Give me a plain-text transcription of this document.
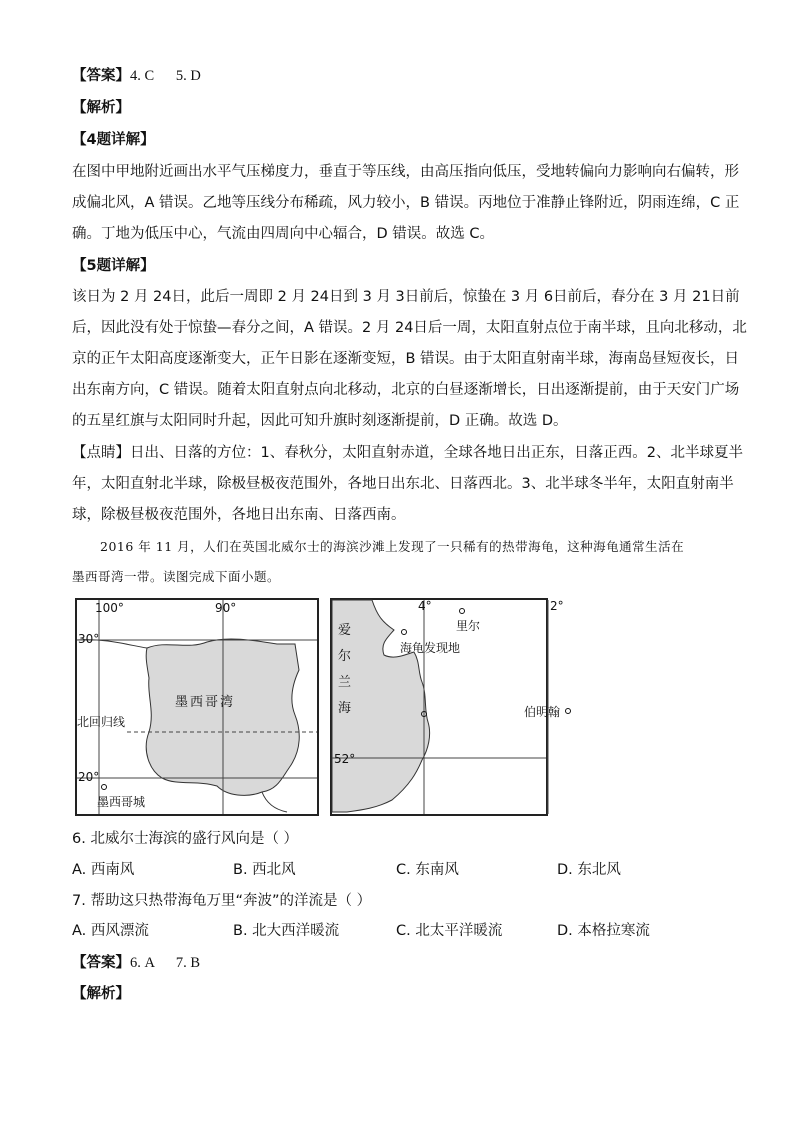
【答案】4. C      5. D
【解析】
【4题详解】
在图中甲地附近画出水平气压梯度力，垂直于等压线，由高压指向低压，受地转偏向力影响向右偏转，形
成偏北风，A 错误。乙地等压线分布稀疏，风力较小，B 错误。丙地位于准静止锋附近，阴雨连绵，C 正
确。丁地为低压中心，气流由四周向中心辐合，D 错误。故选 C。
【5题详解】
该日为 2 月 24日，此后一周即 2 月 24日到 3 月 3日前后，惊蛰在 3 月 6日前后，春分在 3 月 21日前
后，因此没有处于惊蛰—春分之间，A 错误。2 月 24日后一周，太阳直射点位于南半球，且向北移动，北
京的正午太阳高度逐渐变大，正午日影在逐渐变短，B 错误。由于太阳直射南半球，海南岛昼短夜长，日
出东南方向，C 错误。随着太阳直射点向北移动，北京的白昼逐渐增长，日出逐渐提前，由于天安门广场
的五星红旗与太阳同时升起，因此可知升旗时刻逐渐提前，D 正确。故选 D。
【点睛】日出、日落的方位：1、春秋分，太阳直射赤道，全球各地日出正东，日落正西。2、北半球夏半
年，太阳直射北半球，除极昼极夜范围外，各地日出东北、日落西北。3、北半球冬半年，太阳直射南半
球，除极昼极夜范围外，各地日出东南、日落西南。
2016 年 11 月，人们在英国北威尔士的海滨沙滩上发现了一只稀有的热带海龟，这种海龟通常生活在
墨西哥湾一带。读图完成下面小题。
100°	90°
30°
20°
墨西哥湾
北回归线
墨西哥城
4°	2°
52°
爱
尔
兰
海
里尔
海龟发现地
伯明翰
6. 北威尔士海滨的盛行风向是（ ）
A. 西南风	B. 西北风	C. 东南风	D. 东北风
7. 帮助这只热带海龟万里“奔波”的洋流是（ ）
A. 西风漂流	B. 北大西洋暖流	C. 北太平洋暖流	D. 本格拉寒流
【答案】6. A      7. B
【解析】
